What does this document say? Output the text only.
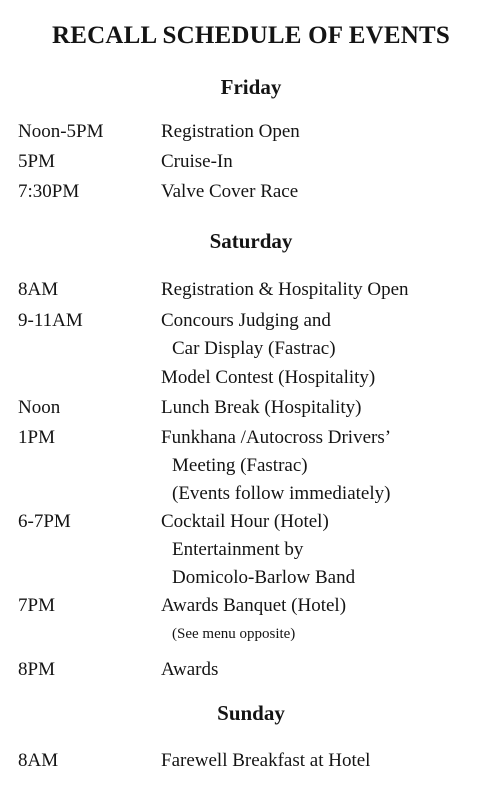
RECALL SCHEDULE OF EVENTS
Friday
Noon-5PM	Registration Open
5PM	Cruise-In
7:30PM	Valve Cover Race
Saturday
8AM	Registration & Hospitality Open
9-11AM	Concours Judging and
Car Display (Fastrac)
Model Contest (Hospitality)
Noon	Lunch Break (Hospitality)
1PM	Funkhana /Autocross Drivers’
Meeting (Fastrac)
(Events follow immediately)
6-7PM	Cocktail Hour (Hotel)
Entertainment by
Domicolo-Barlow Band
7PM	Awards Banquet (Hotel)
(See menu opposite)
8PM	Awards
Sunday
8AM	Farewell Breakfast at Hotel
